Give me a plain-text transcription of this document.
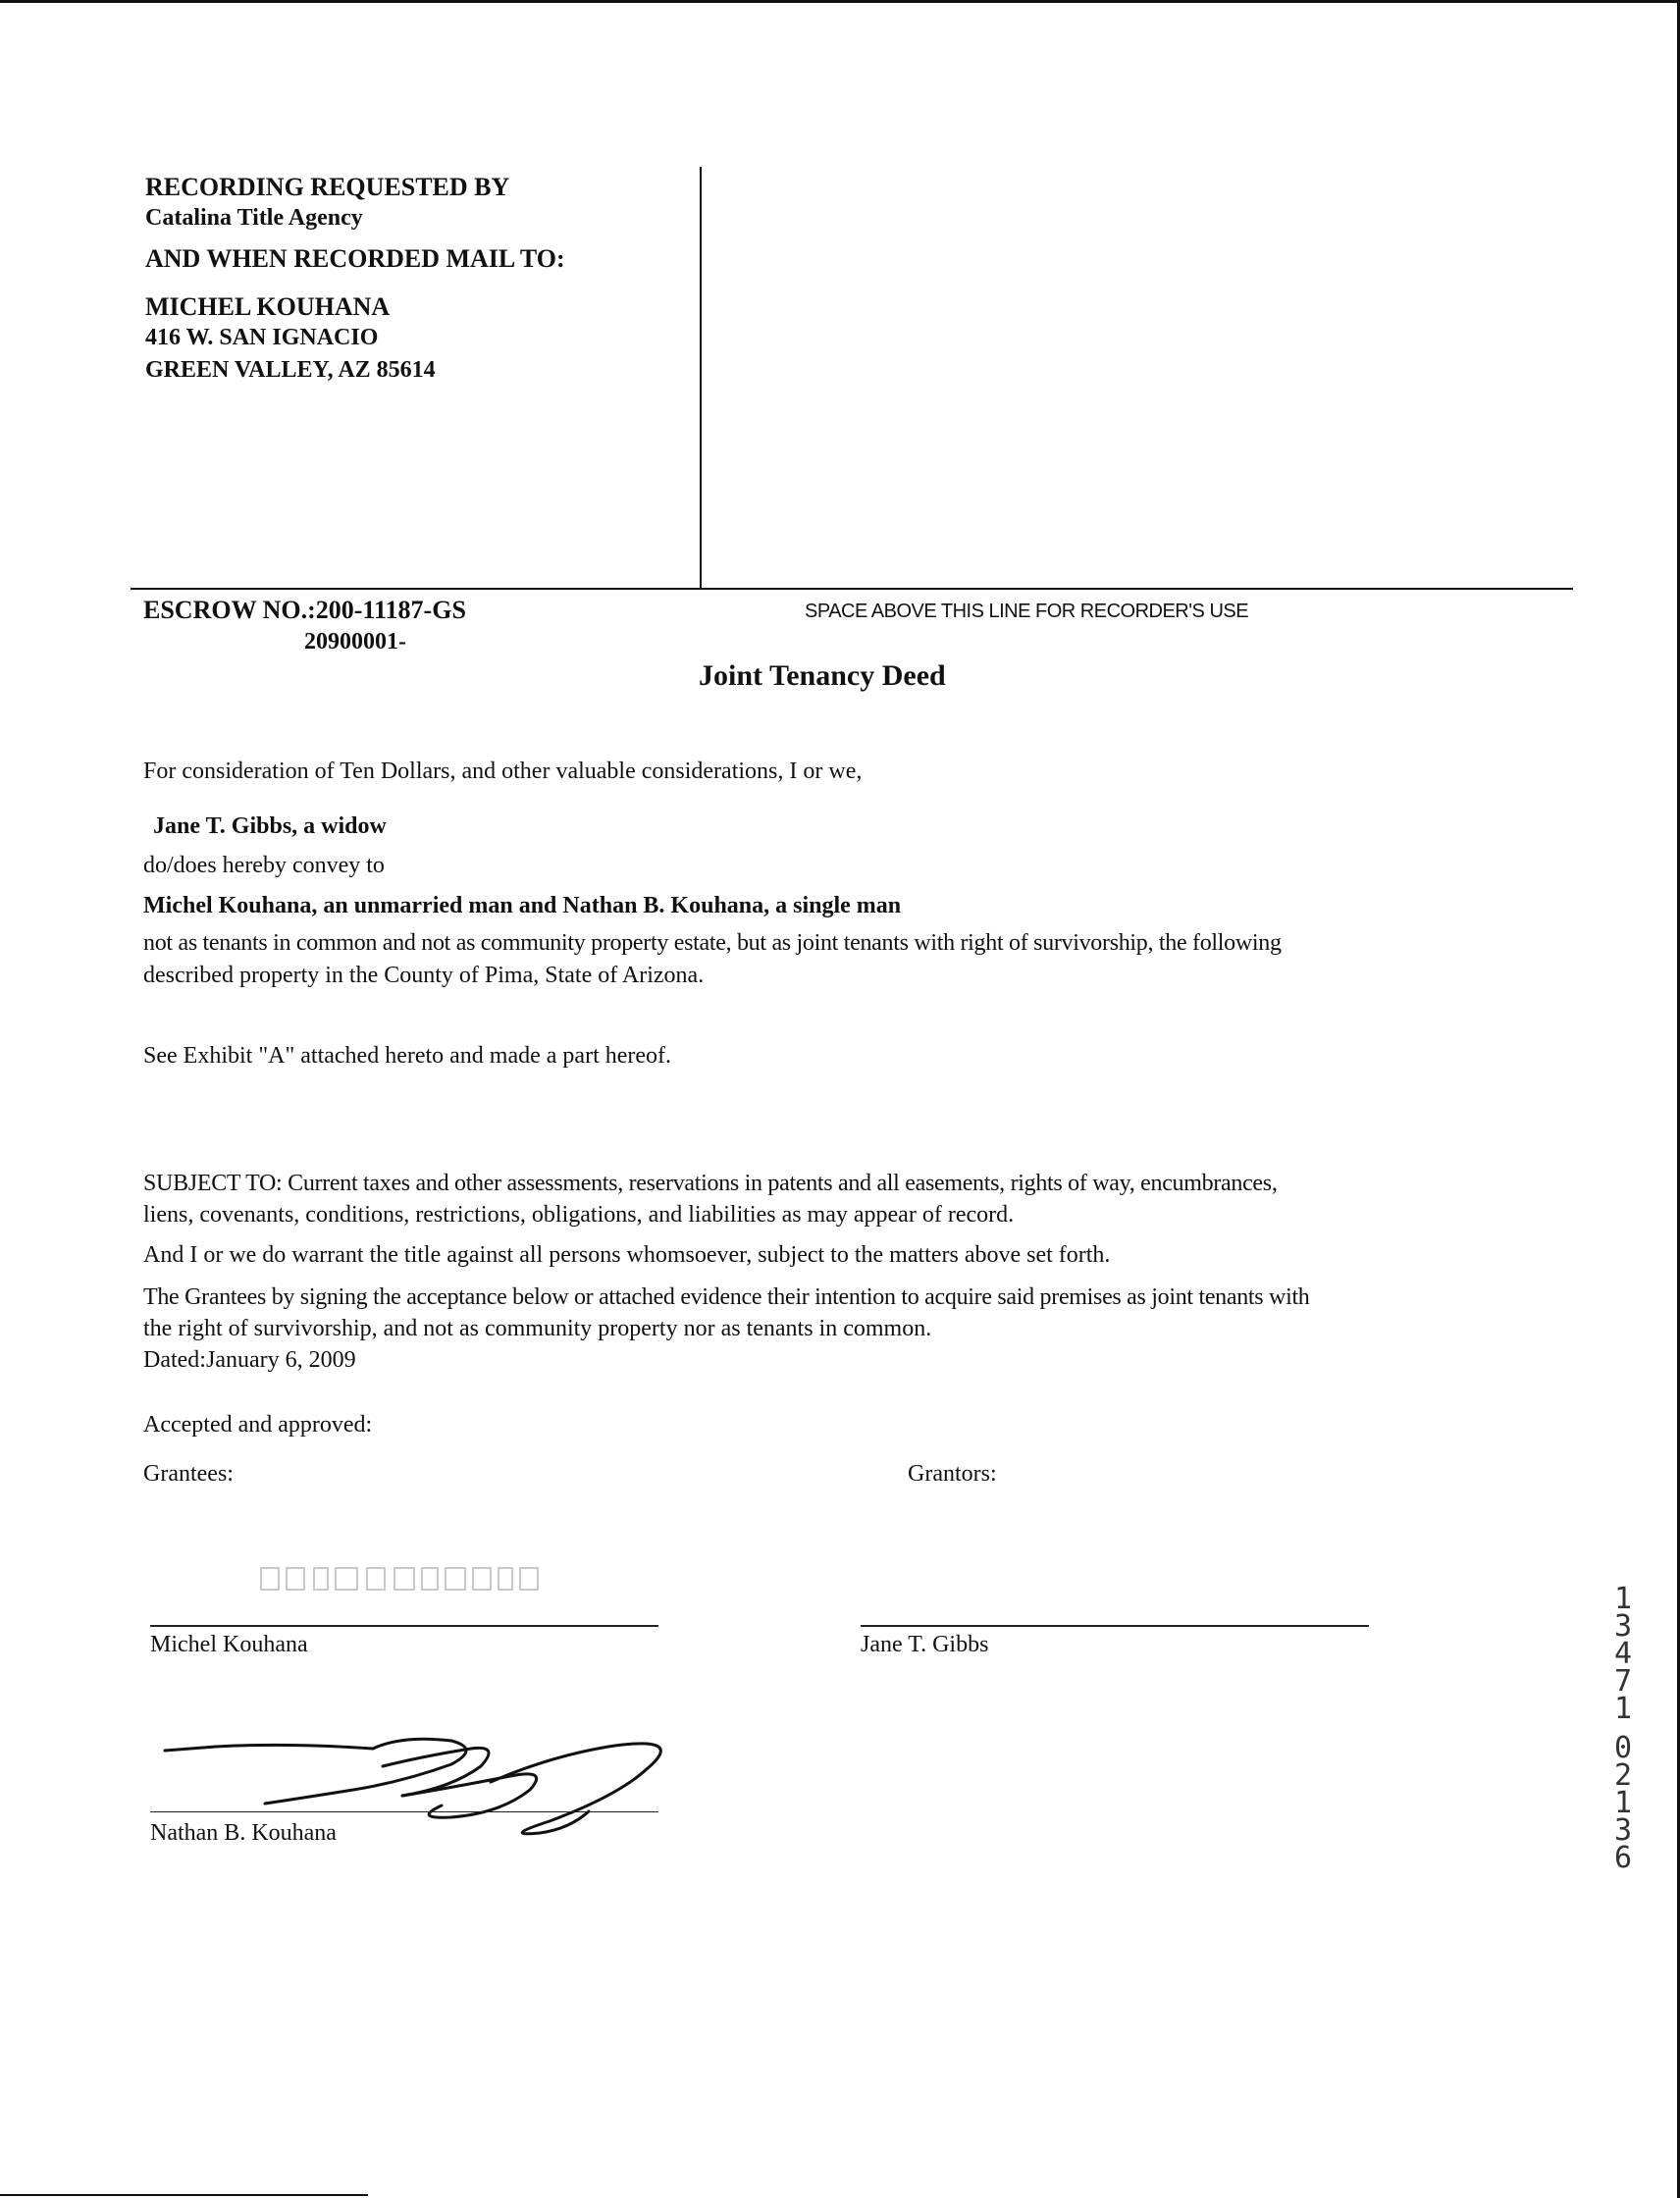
RECORDING REQUESTED BY
Catalina Title Agency
AND WHEN RECORDED MAIL TO:
MICHEL KOUHANA
416 W. SAN IGNACIO
GREEN VALLEY, AZ 85614
ESCROW NO.:200-11187-GS
20900001-
SPACE ABOVE THIS LINE FOR RECORDER'S USE
Joint Tenancy Deed
For consideration of Ten Dollars, and other valuable considerations, I or we,
Jane T. Gibbs, a widow
do/does hereby convey to
Michel Kouhana, an unmarried man and Nathan B. Kouhana, a single man
not as tenants in common and not as community property estate, but as joint tenants with right of survivorship, the following
described property in the County of Pima, State of Arizona.
See Exhibit "A" attached hereto and made a part hereof.
SUBJECT TO: Current taxes and other assessments, reservations in patents and all easements, rights of way, encumbrances,
liens, covenants, conditions, restrictions, obligations, and liabilities as may appear of record.
And I or we do warrant the title against all persons whomsoever, subject to the matters above set forth.
The Grantees by signing the acceptance below or attached evidence their intention to acquire said premises as joint tenants with
the right of survivorship, and not as community property nor as tenants in common.
Dated:January 6, 2009
Accepted and approved:
Grantees:	Grantors:
Michel Kouhana	Jane T. Gibbs
Nathan B. Kouhana
1
3
4
7
1
0
2
1
3
6
